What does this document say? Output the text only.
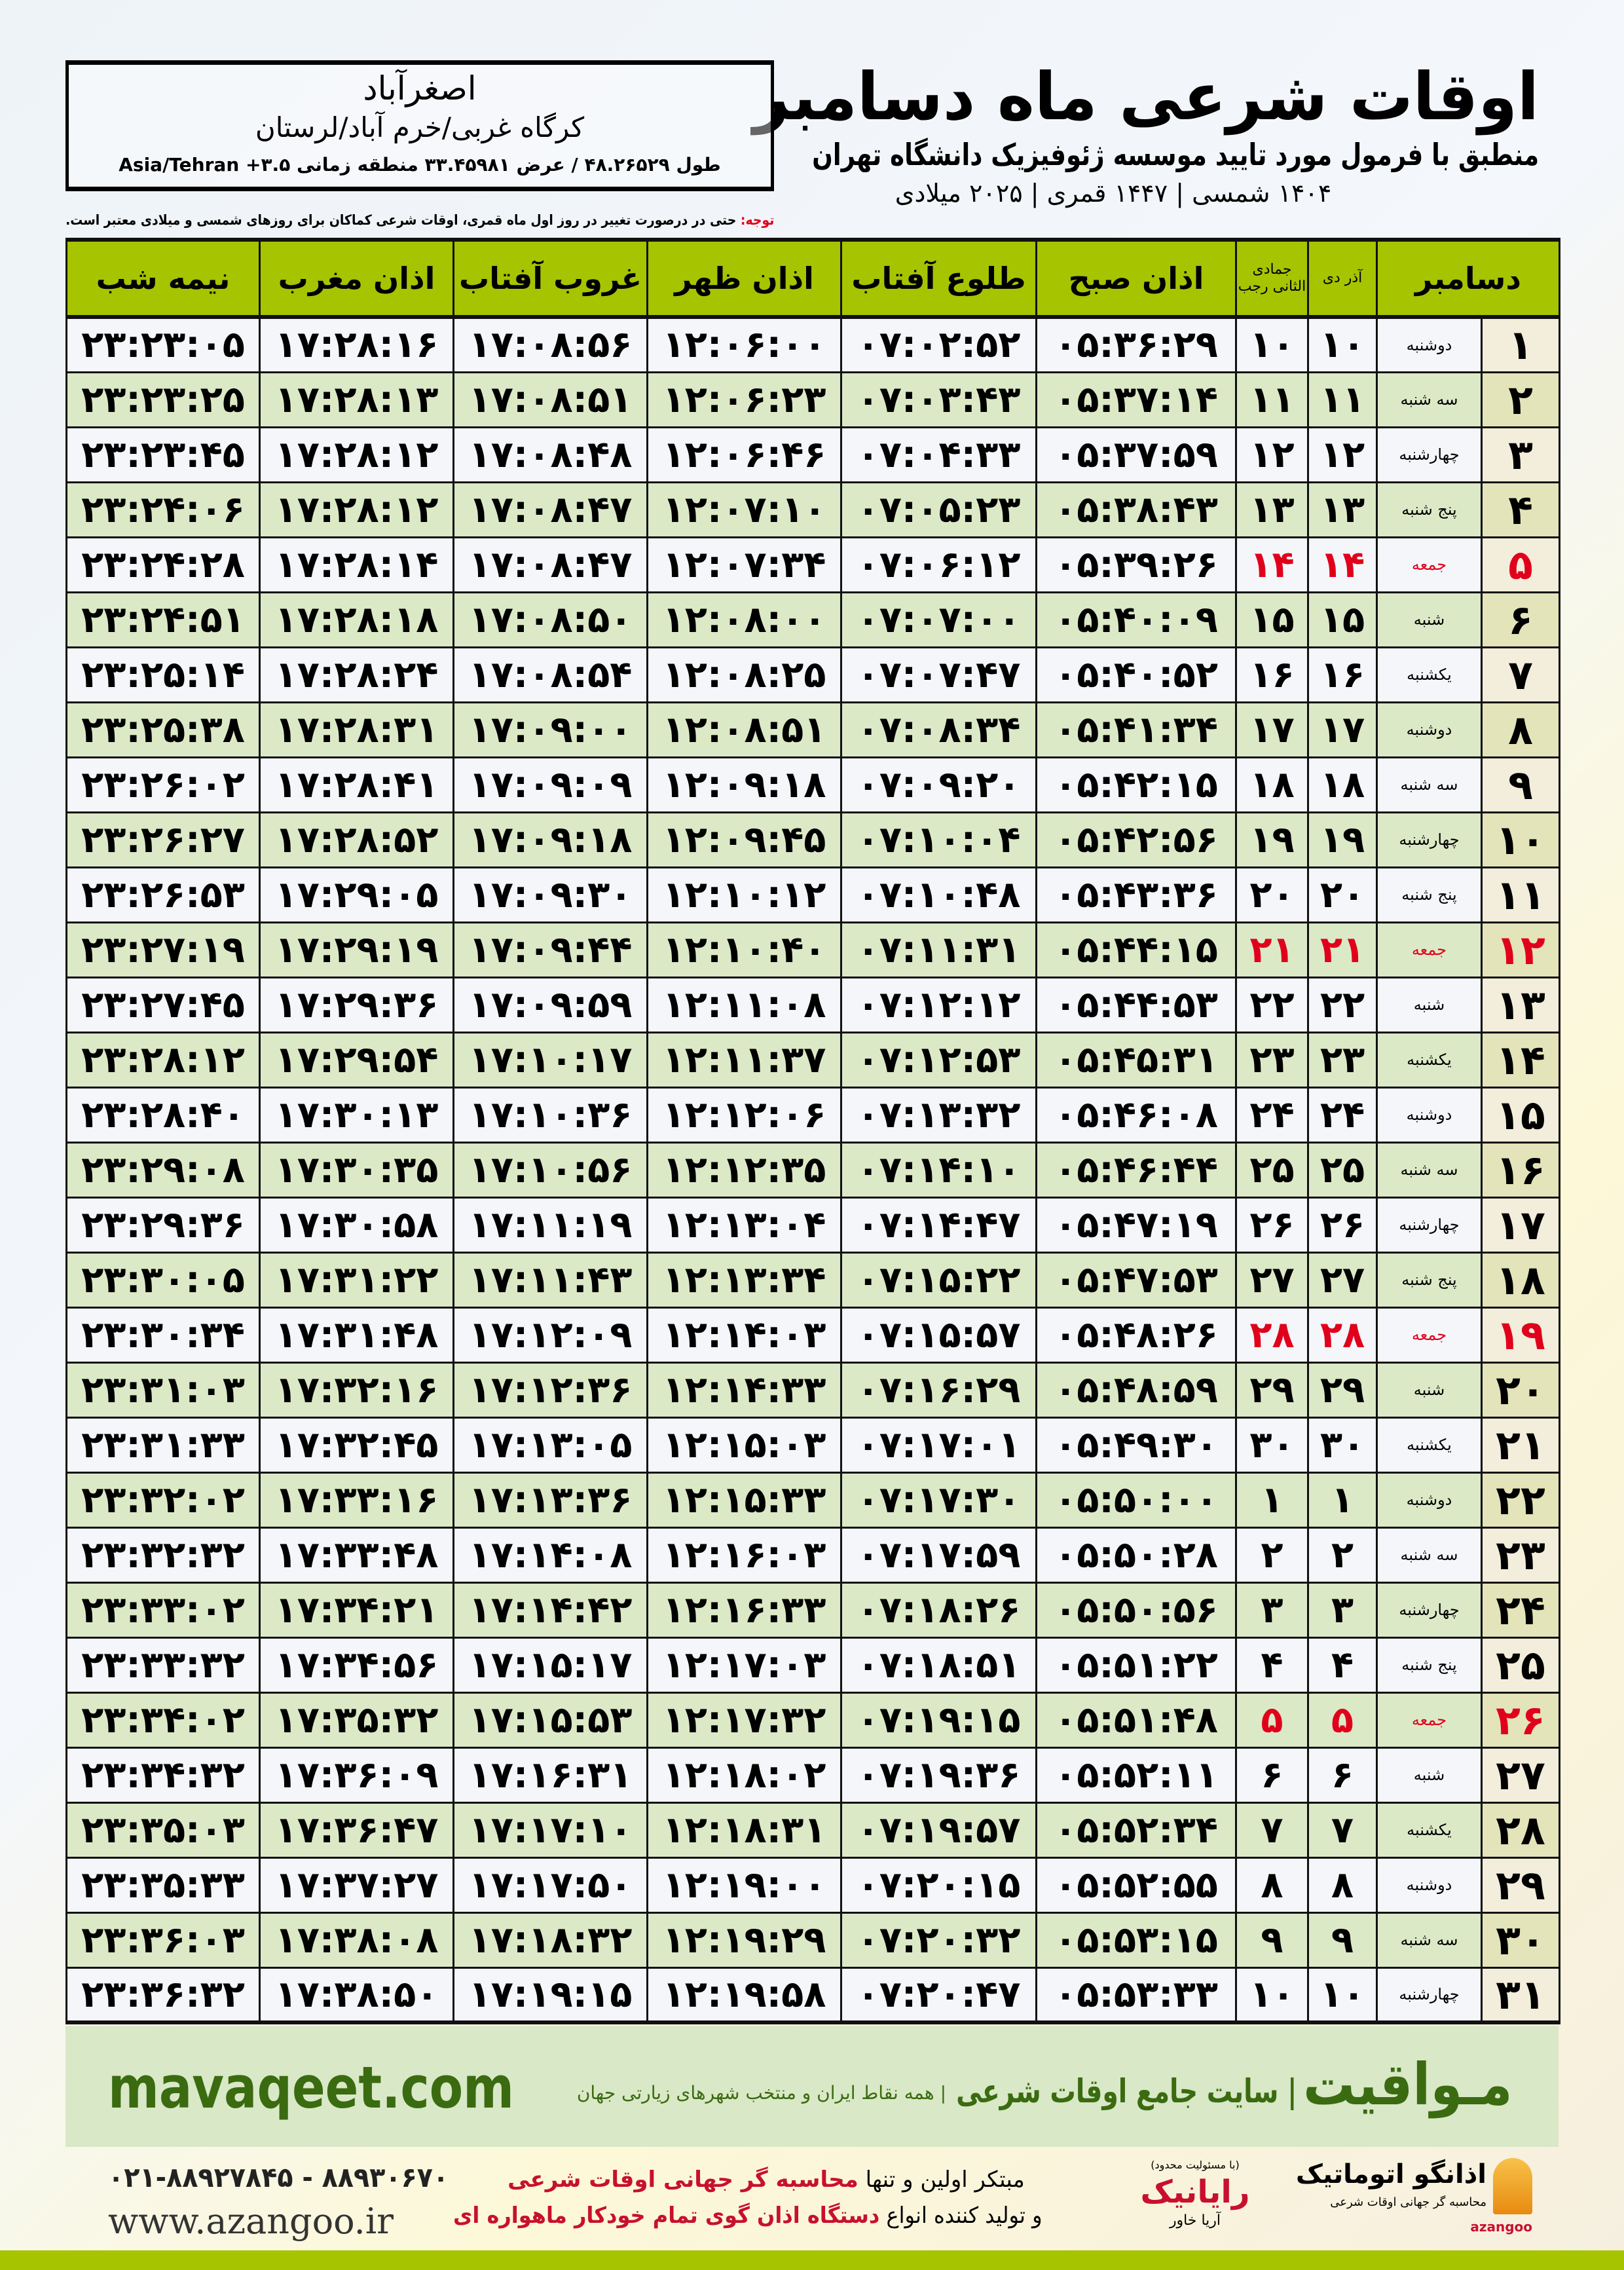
اوقات شرعی ماه دسامبر
منطبق با فرمول مورد تایید موسسه ژئوفیزیک دانشگاه تهران
۱۴۰۴ شمسی | ۱۴۴۷ قمری | ۲۰۲۵ میلادی
اصغرآباد
کرگاه غربی/خرم آباد/لرستان
طول ۴۸.۲۶۵۲۹ / عرض ۳۳.۴۵۹۸۱ منطقه زمانی ۳.۵+ Asia/Tehran
توجه: حتی در درصورت تغییر در روز اول ماه قمری، اوقات شرعی کماکان برای روزهای شمسی و میلادی معتبر است.
دسامبر		آذر دی	جمادی الثانی رجب	اذان صبح	طلوع آفتاب	اذان ظهر	غروب آفتاب	اذان مغرب	نیمه شب
۱	دوشنبه	۱۰	۱۰	۰۵:۳۶:۲۹	۰۷:۰۲:۵۲	۱۲:۰۶:۰۰	۱۷:۰۸:۵۶	۱۷:۲۸:۱۶	۲۳:۲۳:۰۵
۲	سه شنبه	۱۱	۱۱	۰۵:۳۷:۱۴	۰۷:۰۳:۴۳	۱۲:۰۶:۲۳	۱۷:۰۸:۵۱	۱۷:۲۸:۱۳	۲۳:۲۳:۲۵
۳	چهارشنبه	۱۲	۱۲	۰۵:۳۷:۵۹	۰۷:۰۴:۳۳	۱۲:۰۶:۴۶	۱۷:۰۸:۴۸	۱۷:۲۸:۱۲	۲۳:۲۳:۴۵
۴	پنج شنبه	۱۳	۱۳	۰۵:۳۸:۴۳	۰۷:۰۵:۲۳	۱۲:۰۷:۱۰	۱۷:۰۸:۴۷	۱۷:۲۸:۱۲	۲۳:۲۴:۰۶
۵	جمعه	۱۴	۱۴	۰۵:۳۹:۲۶	۰۷:۰۶:۱۲	۱۲:۰۷:۳۴	۱۷:۰۸:۴۷	۱۷:۲۸:۱۴	۲۳:۲۴:۲۸
۶	شنبه	۱۵	۱۵	۰۵:۴۰:۰۹	۰۷:۰۷:۰۰	۱۲:۰۸:۰۰	۱۷:۰۸:۵۰	۱۷:۲۸:۱۸	۲۳:۲۴:۵۱
۷	یکشنبه	۱۶	۱۶	۰۵:۴۰:۵۲	۰۷:۰۷:۴۷	۱۲:۰۸:۲۵	۱۷:۰۸:۵۴	۱۷:۲۸:۲۴	۲۳:۲۵:۱۴
۸	دوشنبه	۱۷	۱۷	۰۵:۴۱:۳۴	۰۷:۰۸:۳۴	۱۲:۰۸:۵۱	۱۷:۰۹:۰۰	۱۷:۲۸:۳۱	۲۳:۲۵:۳۸
۹	سه شنبه	۱۸	۱۸	۰۵:۴۲:۱۵	۰۷:۰۹:۲۰	۱۲:۰۹:۱۸	۱۷:۰۹:۰۹	۱۷:۲۸:۴۱	۲۳:۲۶:۰۲
۱۰	چهارشنبه	۱۹	۱۹	۰۵:۴۲:۵۶	۰۷:۱۰:۰۴	۱۲:۰۹:۴۵	۱۷:۰۹:۱۸	۱۷:۲۸:۵۲	۲۳:۲۶:۲۷
۱۱	پنج شنبه	۲۰	۲۰	۰۵:۴۳:۳۶	۰۷:۱۰:۴۸	۱۲:۱۰:۱۲	۱۷:۰۹:۳۰	۱۷:۲۹:۰۵	۲۳:۲۶:۵۳
۱۲	جمعه	۲۱	۲۱	۰۵:۴۴:۱۵	۰۷:۱۱:۳۱	۱۲:۱۰:۴۰	۱۷:۰۹:۴۴	۱۷:۲۹:۱۹	۲۳:۲۷:۱۹
۱۳	شنبه	۲۲	۲۲	۰۵:۴۴:۵۳	۰۷:۱۲:۱۲	۱۲:۱۱:۰۸	۱۷:۰۹:۵۹	۱۷:۲۹:۳۶	۲۳:۲۷:۴۵
۱۴	یکشنبه	۲۳	۲۳	۰۵:۴۵:۳۱	۰۷:۱۲:۵۳	۱۲:۱۱:۳۷	۱۷:۱۰:۱۷	۱۷:۲۹:۵۴	۲۳:۲۸:۱۲
۱۵	دوشنبه	۲۴	۲۴	۰۵:۴۶:۰۸	۰۷:۱۳:۳۲	۱۲:۱۲:۰۶	۱۷:۱۰:۳۶	۱۷:۳۰:۱۳	۲۳:۲۸:۴۰
۱۶	سه شنبه	۲۵	۲۵	۰۵:۴۶:۴۴	۰۷:۱۴:۱۰	۱۲:۱۲:۳۵	۱۷:۱۰:۵۶	۱۷:۳۰:۳۵	۲۳:۲۹:۰۸
۱۷	چهارشنبه	۲۶	۲۶	۰۵:۴۷:۱۹	۰۷:۱۴:۴۷	۱۲:۱۳:۰۴	۱۷:۱۱:۱۹	۱۷:۳۰:۵۸	۲۳:۲۹:۳۶
۱۸	پنج شنبه	۲۷	۲۷	۰۵:۴۷:۵۳	۰۷:۱۵:۲۲	۱۲:۱۳:۳۴	۱۷:۱۱:۴۳	۱۷:۳۱:۲۲	۲۳:۳۰:۰۵
۱۹	جمعه	۲۸	۲۸	۰۵:۴۸:۲۶	۰۷:۱۵:۵۷	۱۲:۱۴:۰۳	۱۷:۱۲:۰۹	۱۷:۳۱:۴۸	۲۳:۳۰:۳۴
۲۰	شنبه	۲۹	۲۹	۰۵:۴۸:۵۹	۰۷:۱۶:۲۹	۱۲:۱۴:۳۳	۱۷:۱۲:۳۶	۱۷:۳۲:۱۶	۲۳:۳۱:۰۳
۲۱	یکشنبه	۳۰	۳۰	۰۵:۴۹:۳۰	۰۷:۱۷:۰۱	۱۲:۱۵:۰۳	۱۷:۱۳:۰۵	۱۷:۳۲:۴۵	۲۳:۳۱:۳۳
۲۲	دوشنبه	۱	۱	۰۵:۵۰:۰۰	۰۷:۱۷:۳۰	۱۲:۱۵:۳۳	۱۷:۱۳:۳۶	۱۷:۳۳:۱۶	۲۳:۳۲:۰۲
۲۳	سه شنبه	۲	۲	۰۵:۵۰:۲۸	۰۷:۱۷:۵۹	۱۲:۱۶:۰۳	۱۷:۱۴:۰۸	۱۷:۳۳:۴۸	۲۳:۳۲:۳۲
۲۴	چهارشنبه	۳	۳	۰۵:۵۰:۵۶	۰۷:۱۸:۲۶	۱۲:۱۶:۳۳	۱۷:۱۴:۴۲	۱۷:۳۴:۲۱	۲۳:۳۳:۰۲
۲۵	پنج شنبه	۴	۴	۰۵:۵۱:۲۲	۰۷:۱۸:۵۱	۱۲:۱۷:۰۳	۱۷:۱۵:۱۷	۱۷:۳۴:۵۶	۲۳:۳۳:۳۲
۲۶	جمعه	۵	۵	۰۵:۵۱:۴۸	۰۷:۱۹:۱۵	۱۲:۱۷:۳۲	۱۷:۱۵:۵۳	۱۷:۳۵:۳۲	۲۳:۳۴:۰۲
۲۷	شنبه	۶	۶	۰۵:۵۲:۱۱	۰۷:۱۹:۳۶	۱۲:۱۸:۰۲	۱۷:۱۶:۳۱	۱۷:۳۶:۰۹	۲۳:۳۴:۳۲
۲۸	یکشنبه	۷	۷	۰۵:۵۲:۳۴	۰۷:۱۹:۵۷	۱۲:۱۸:۳۱	۱۷:۱۷:۱۰	۱۷:۳۶:۴۷	۲۳:۳۵:۰۳
۲۹	دوشنبه	۸	۸	۰۵:۵۲:۵۵	۰۷:۲۰:۱۵	۱۲:۱۹:۰۰	۱۷:۱۷:۵۰	۱۷:۳۷:۲۷	۲۳:۳۵:۳۳
۳۰	سه شنبه	۹	۹	۰۵:۵۳:۱۵	۰۷:۲۰:۳۲	۱۲:۱۹:۲۹	۱۷:۱۸:۳۲	۱۷:۳۸:۰۸	۲۳:۳۶:۰۳
۳۱	چهارشنبه	۱۰	۱۰	۰۵:۵۳:۳۳	۰۷:۲۰:۴۷	۱۲:۱۹:۵۸	۱۷:۱۹:۱۵	۱۷:۳۸:۵۰	۲۳:۳۶:۳۲
mavaqeet.com	مـواقیت
| سایت جامع اوقات شرعی
| همه نقاط ایران و منتخب شهرهای زیارتی جهان
۰۲۱-۸۸۹۲۷۸۴۵ - ۸۸۹۳۰۶۷۰
www.azangoo.ir
مبتکر اولین و تنها محاسبه گر جهانی اوقات شرعی
و تولید کننده انواع دستگاه اذان گوی تمام خودکار ماهواره ای
(با مسئولیت محدود)
رایانیک
آریا خاور
اذانگو اتوماتیک
محاسبه گر جهانی اوقات شرعی
azangoo
